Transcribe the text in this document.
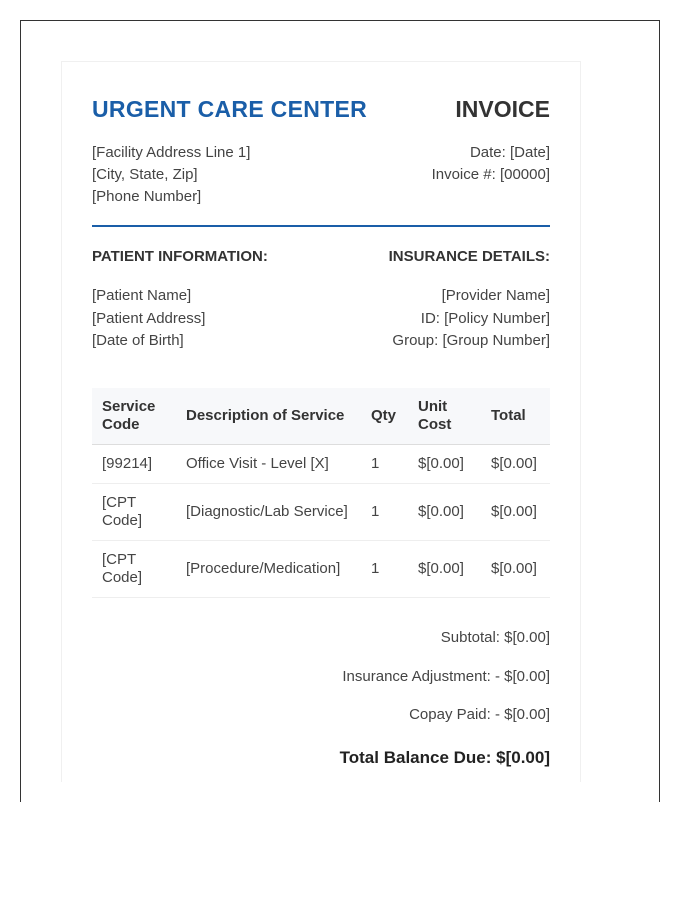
URGENT CARE CENTER	INVOICE
[Facility Address Line 1]
[City, State, Zip]
[Phone Number]
Date: [Date]
Invoice #: [00000]
PATIENT INFORMATION:	INSURANCE DETAILS:
[Patient Name]
[Patient Address]
[Date of Birth]
[Provider Name]
ID: [Policy Number]
Group: [Group Number]
Service Code	Description of Service	Qty	Unit Cost	Total
[99214]	Office Visit - Level [X]	1	$[0.00]	$[0.00]
[CPT Code]	[Diagnostic/Lab Service]	1	$[0.00]	$[0.00]
[CPT Code]	[Procedure/Medication]	1	$[0.00]	$[0.00]
Subtotal: $[0.00]
Insurance Adjustment: - $[0.00]
Copay Paid: - $[0.00]
Total Balance Due: $[0.00]
